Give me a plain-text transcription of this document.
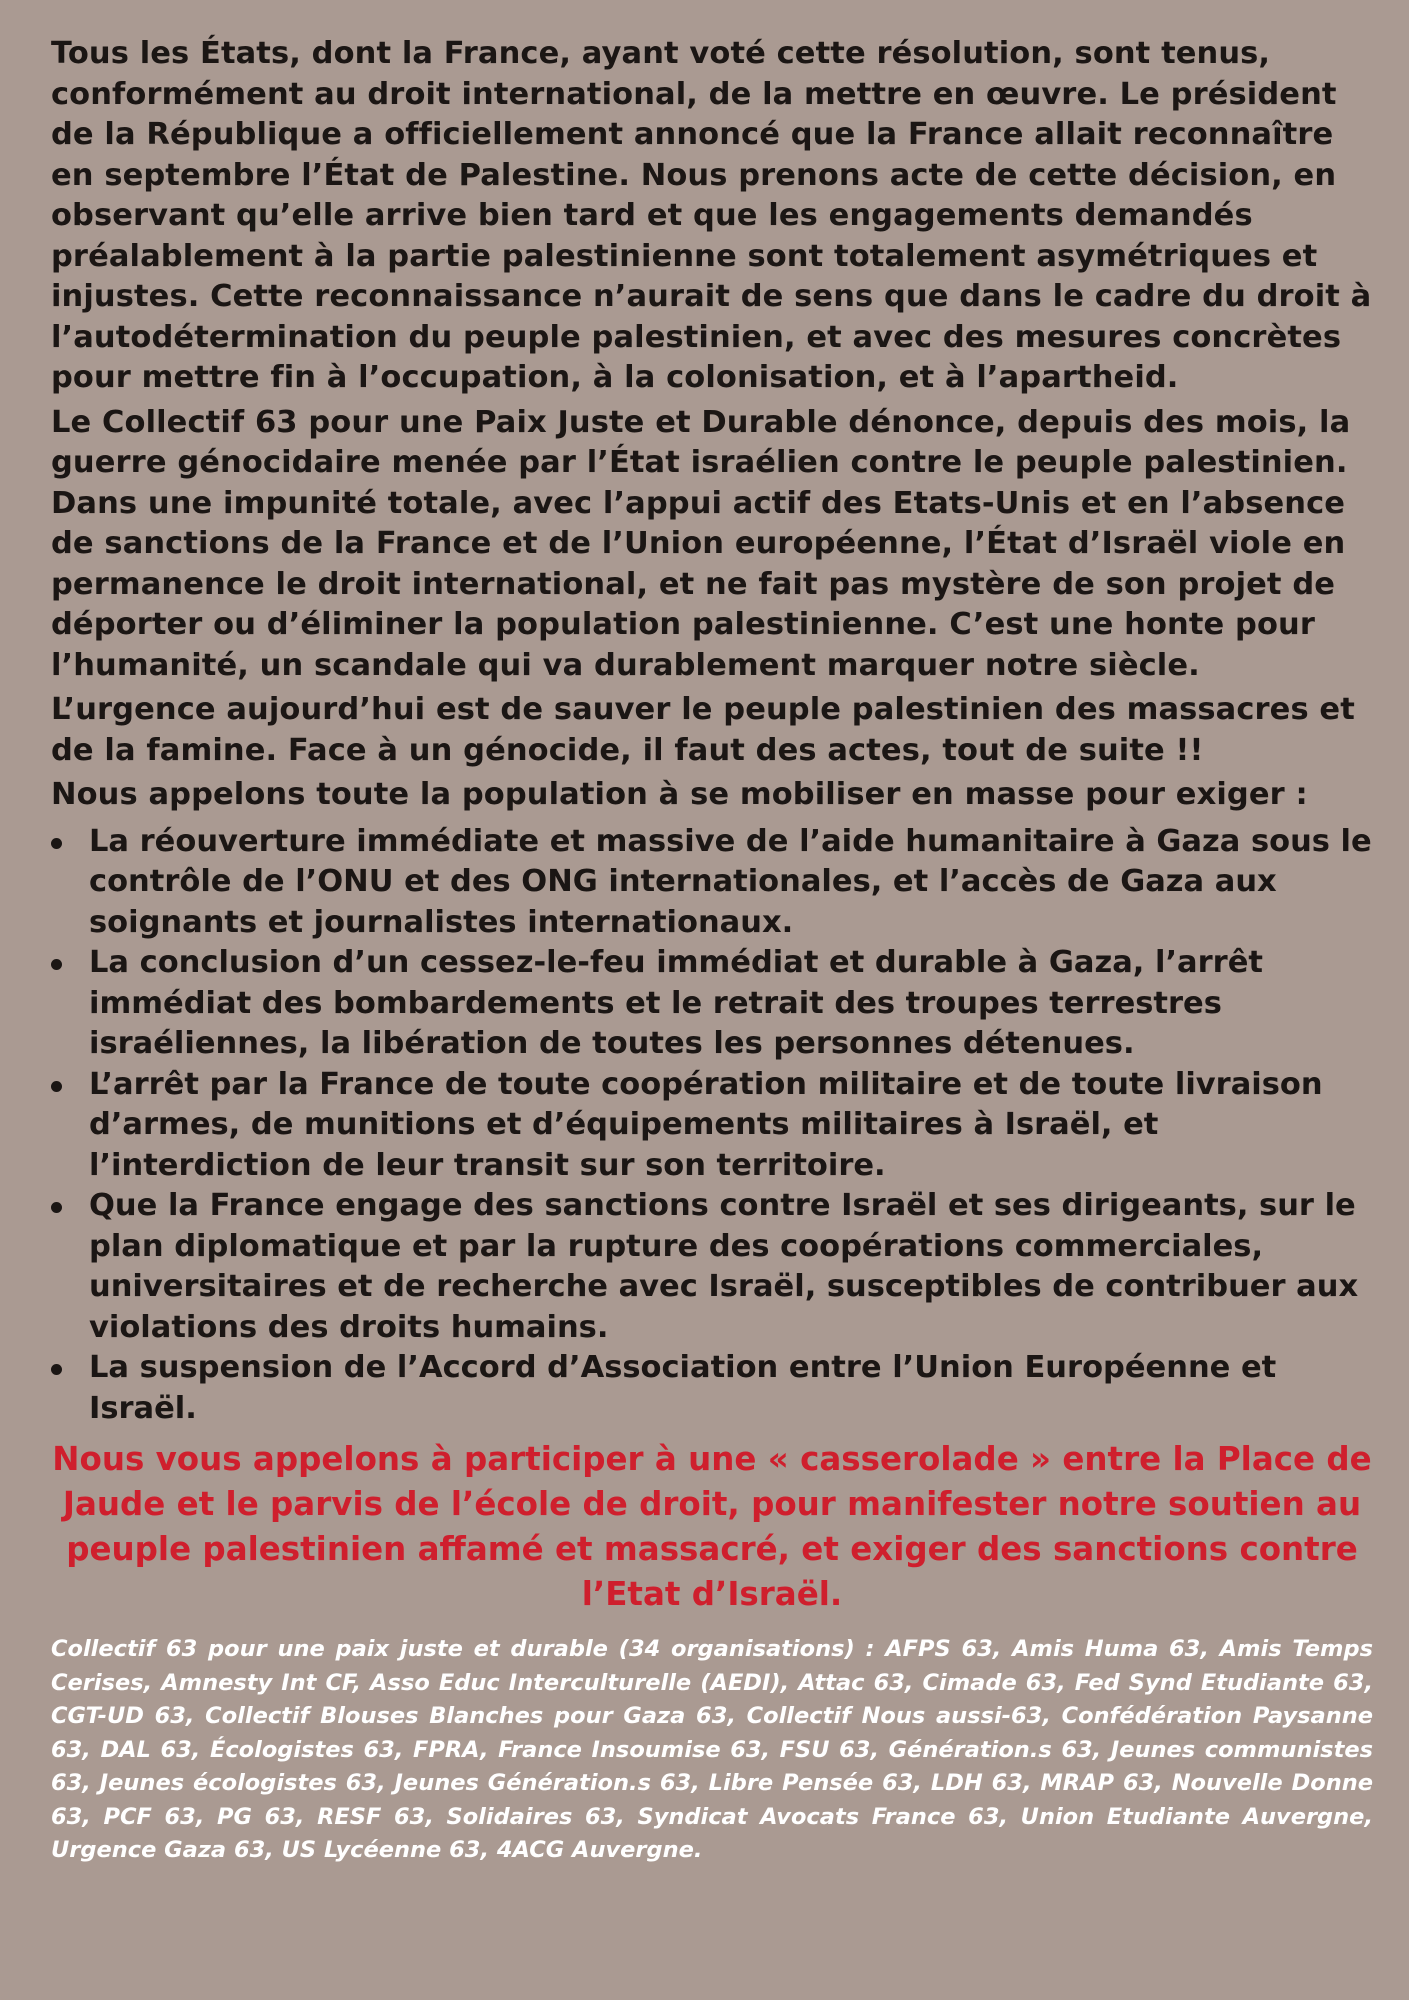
Tous les États, dont la France, ayant voté cette résolution, sont tenus, conformément au droit international, de la mettre en œuvre. Le président de la République a officiellement annoncé que la France allait reconnaître en septembre l’État de Palestine. Nous prenons acte de cette décision, en observant qu’elle arrive bien tard et que les engagements demandés préalablement à la partie palestinienne sont totalement asymétriques et injustes. Cette reconnaissance n’aurait de sens que dans le cadre du droit à l’autodétermination du peuple palestinien, et avec des mesures concrètes pour mettre fin à l’occupation, à la colonisation, et à l’apartheid.

Le Collectif 63 pour une Paix Juste et Durable dénonce, depuis des mois, la guerre génocidaire menée par l’État israélien contre le peuple palestinien. Dans une impunité totale, avec l’appui actif des Etats-Unis et en l’absence de sanctions de la France et de l’Union européenne, l’État d’Israël viole en permanence le droit international, et ne fait pas mystère de son projet de déporter ou d’éliminer la population palestinienne. C’est une honte pour l’humanité, un scandale qui va durablement marquer notre siècle.

L’urgence aujourd’hui est de sauver le peuple palestinien des massacres et de la famine. Face à un génocide, il faut des actes, tout de suite !!

Nous appelons toute la population à se mobiliser en masse pour exiger :

La réouverture immédiate et massive de l’aide humanitaire à Gaza sous le contrôle de l’ONU et des ONG internationales, et l’accès de Gaza aux soignants et journalistes internationaux.
La conclusion d’un cessez-le-feu immédiat et durable à Gaza, l’arrêt immédiat des bombardements et le retrait des troupes terrestres israéliennes, la libération de toutes les personnes détenues.
L’arrêt par la France de toute coopération militaire et de toute livraison d’armes, de munitions et d’équipements militaires à Israël, et l’interdiction de leur transit sur son territoire.
Que la France engage des sanctions contre Israël et ses dirigeants, sur le plan diplomatique et par la rupture des coopérations commerciales, universitaires et de recherche avec Israël, susceptibles de contribuer aux violations des droits humains.
La suspension de l’Accord d’Association entre l’Union Européenne et Israël.

Nous vous appelons à participer à une « casserolade » entre la Place de Jaude et le parvis de l’école de droit, pour manifester notre soutien au peuple palestinien affamé et massacré, et exiger des sanctions contre l’Etat d’Israël.

Collectif 63 pour une paix juste et durable (34 organisations) : AFPS 63, Amis Huma 63, Amis Temps Cerises, Amnesty Int CF, Asso Educ Interculturelle (AEDI), Attac 63, Cimade 63, Fed Synd Etudiante 63, CGT-UD 63, Collectif Blouses Blanches pour Gaza 63, Collectif Nous aussi-63, Confédération Paysanne 63, DAL 63, Écologistes 63, FPRA, France Insoumise 63, FSU 63, Génération.s 63, Jeunes communistes 63, Jeunes écologistes 63, Jeunes Génération.s 63, Libre Pensée 63, LDH 63, MRAP 63, Nouvelle Donne 63, PCF 63, PG 63, RESF 63, Solidaires 63, Syndicat Avocats France 63, Union Etudiante Auvergne, Urgence Gaza 63, US Lycéenne 63, 4ACG Auvergne.
